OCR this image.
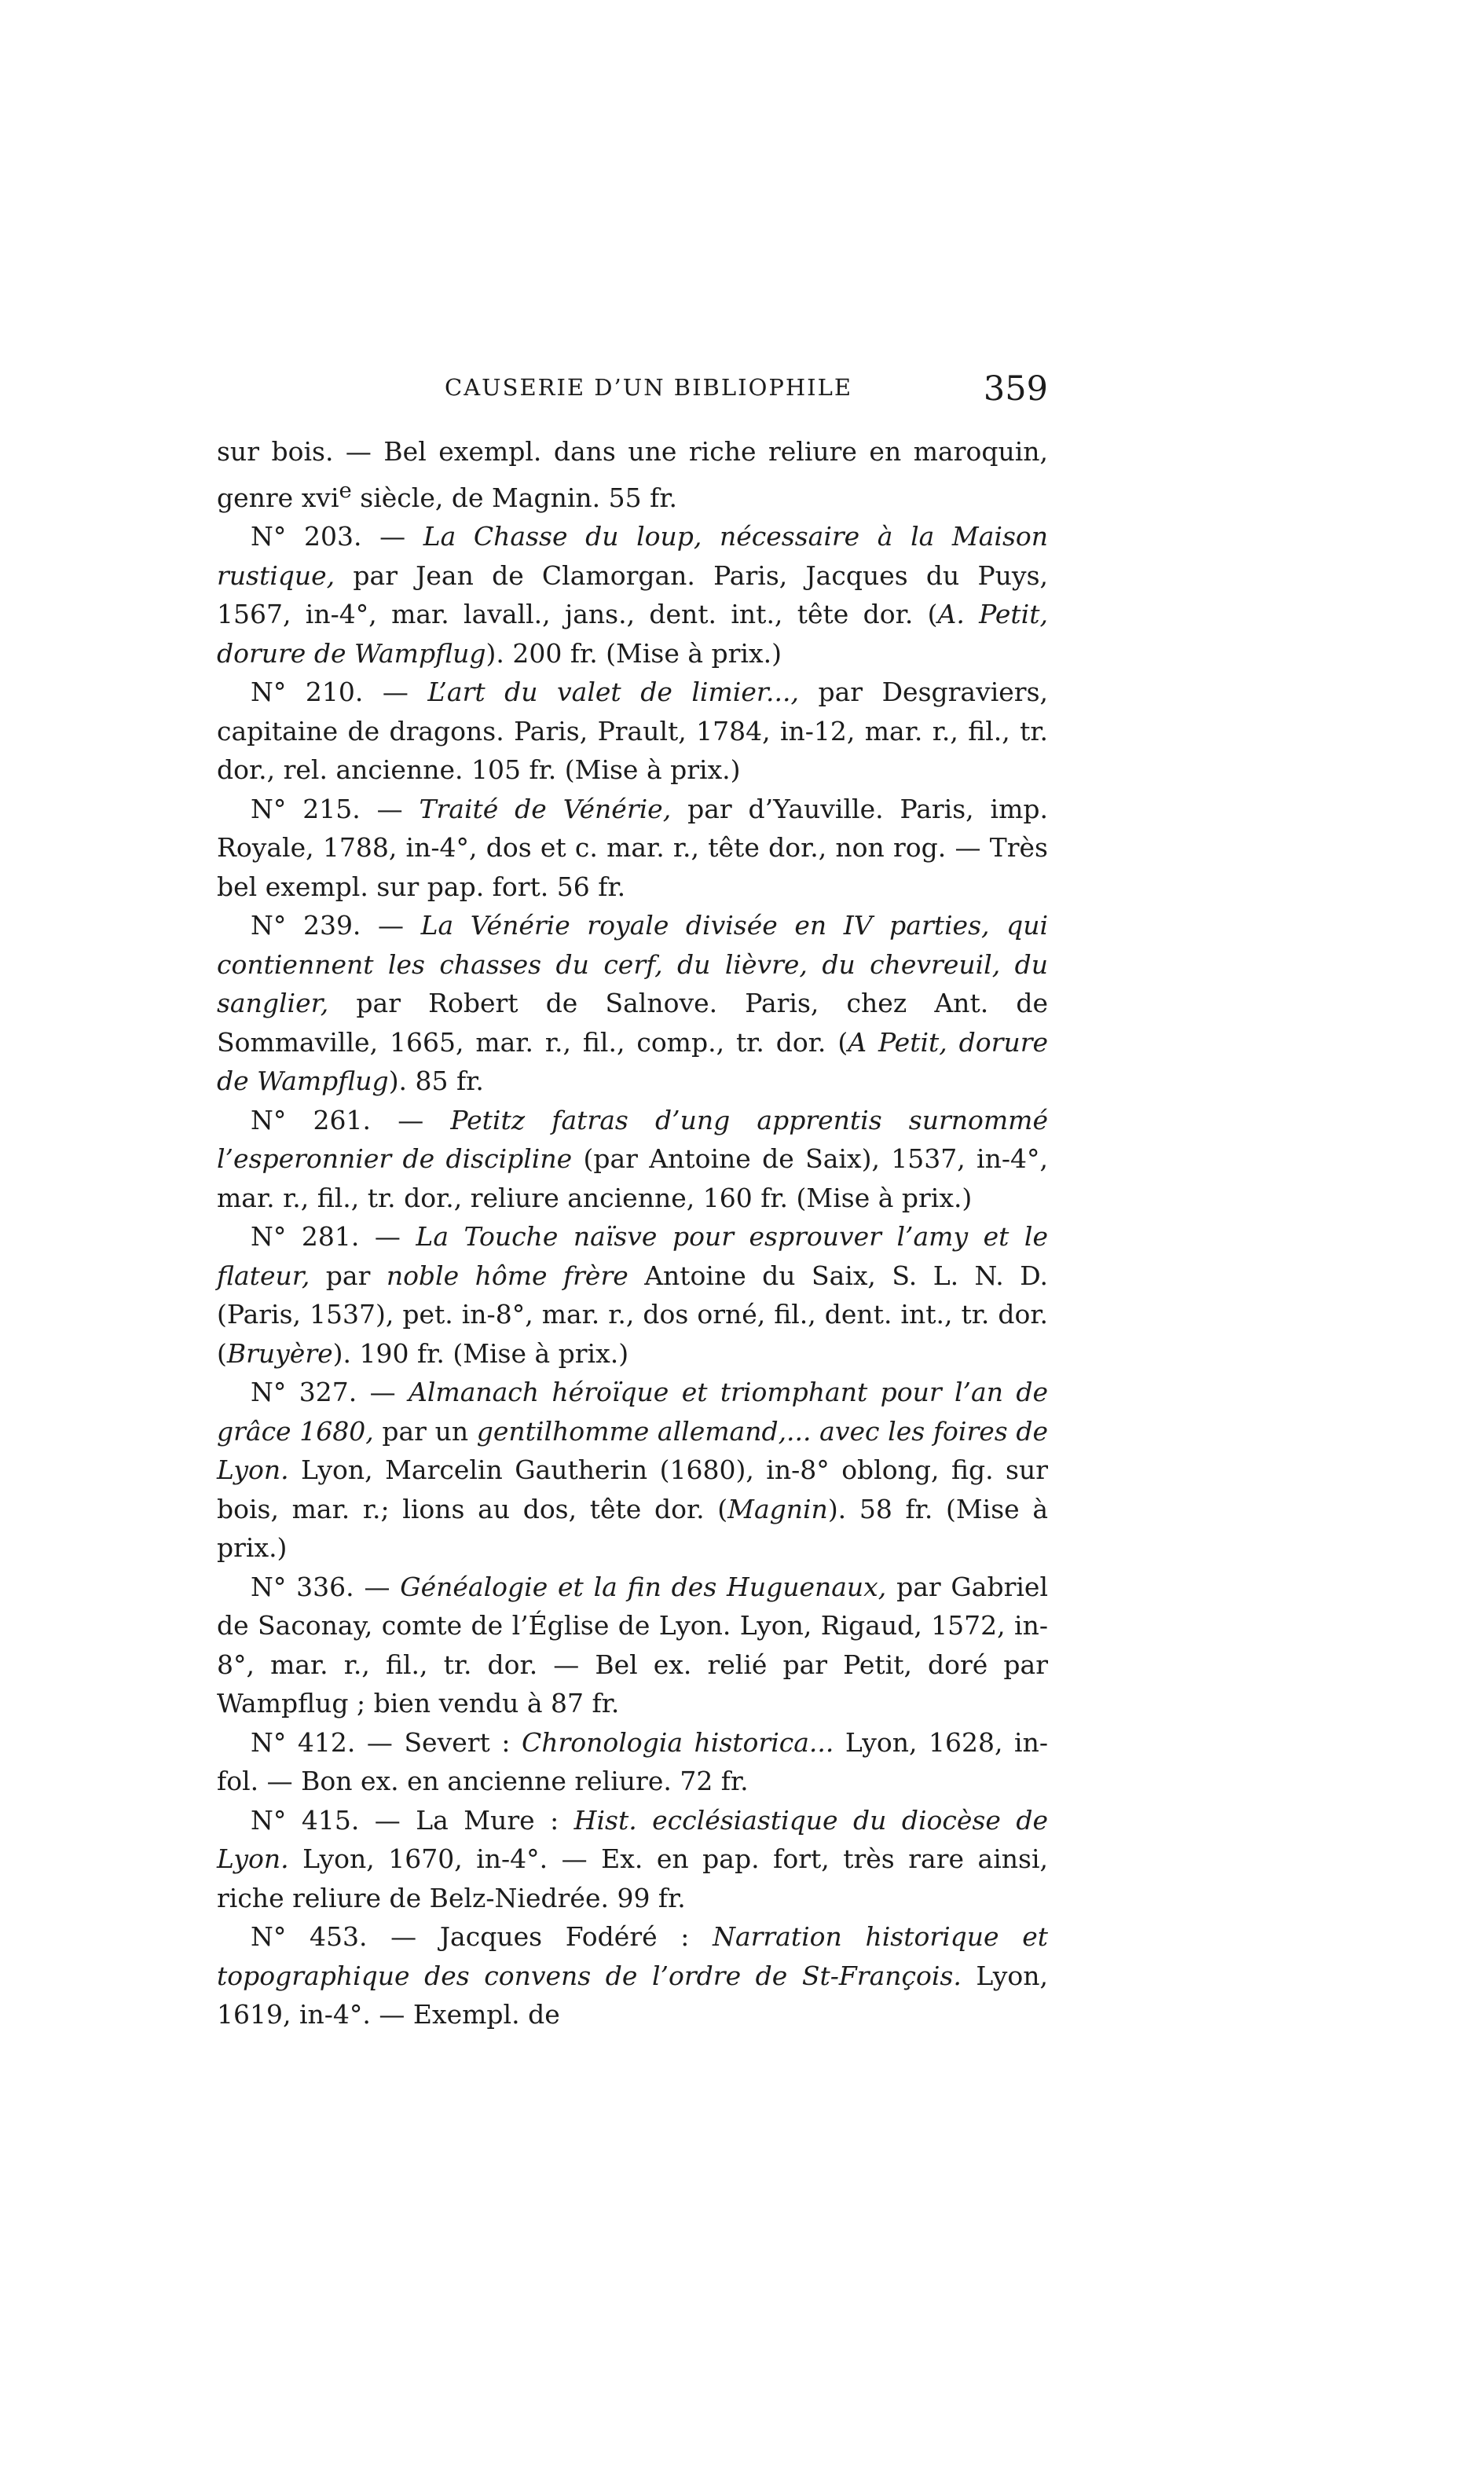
CAUSERIE D’UN BIBLIOPHILE	359

sur bois. — Bel exempl. dans une riche reliure en maroquin, genre xvi$^e$ siècle, de Magnin. 55 fr.

N° 203. — La Chasse du loup, nécessaire à la Maison rustique, par Jean de Clamorgan. Paris, Jacques du Puys, 1567, in-4°, mar. lavall., jans., dent. int., tête dor. (A. Petit, dorure de Wampflug). 200 fr. (Mise à prix.)

N° 210. — L’art du valet de limier..., par Desgraviers, capitaine de dragons. Paris, Prault, 1784, in-12, mar. r., fil., tr. dor., rel. ancienne. 105 fr. (Mise à prix.)

N° 215. — Traité de Vénérie, par d’Yauville. Paris, imp. Royale, 1788, in-4°, dos et c. mar. r., tête dor., non rog. — Très bel exempl. sur pap. fort. 56 fr.

N° 239. — La Vénérie royale divisée en IV parties, qui contiennent les chasses du cerf, du lièvre, du chevreuil, du sanglier, par Robert de Salnove. Paris, chez Ant. de Sommaville, 1665, mar. r., fil., comp., tr. dor. (A Petit, dorure de Wampflug). 85 fr.

N° 261. — Petitz fatras d’ung apprentis surnommé l’esperonnier de discipline (par Antoine de Saix), 1537, in-4°, mar. r., fil., tr. dor., reliure ancienne, 160 fr. (Mise à prix.)

N° 281. — La Touche naïsve pour esprouver l’amy et le flateur, par noble hôme frère Antoine du Saix, S. L. N. D. (Paris, 1537), pet. in-8°, mar. r., dos orné, fil., dent. int., tr. dor. (Bruyère). 190 fr. (Mise à prix.)

N° 327. — Almanach héroïque et triomphant pour l’an de grâce 1680, par un gentilhomme allemand,... avec les foires de Lyon. Lyon, Marcelin Gautherin (1680), in-8° oblong, fig. sur bois, mar. r.; lions au dos, tête dor. (Magnin). 58 fr. (Mise à prix.)

N° 336. — Généalogie et la fin des Huguenaux, par Gabriel de Saconay, comte de l’Église de Lyon. Lyon, Rigaud, 1572, in-8°, mar. r., fil., tr. dor. — Bel ex. relié par Petit, doré par Wampflug ; bien vendu à 87 fr.

N° 412. — Severt : Chronologia historica... Lyon, 1628, in-fol. — Bon ex. en ancienne reliure. 72 fr.

N° 415. — La Mure : Hist. ecclésiastique du diocèse de Lyon. Lyon, 1670, in-4°. — Ex. en pap. fort, très rare ainsi, riche reliure de Belz-Niedrée. 99 fr.

N° 453. — Jacques Fodéré : Narration historique et topographique des convens de l’ordre de St-François. Lyon, 1619, in-4°. — Exempl. de
